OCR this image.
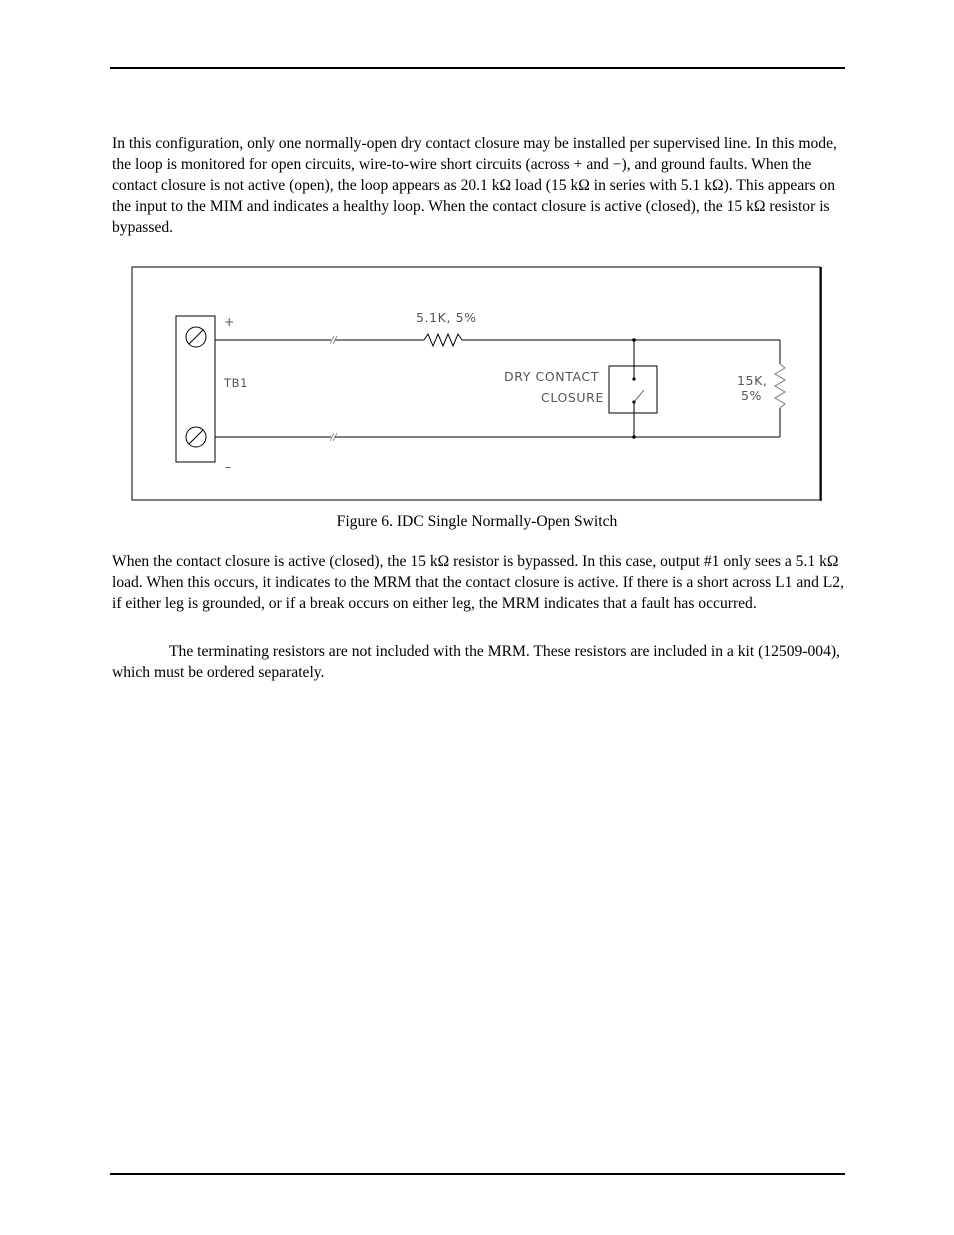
In this configuration, only one normally-open dry contact closure may be installed per supervised line. In this mode, the loop is monitored for open circuits, wire-to-wire short circuits (across + and −), and ground faults. When the contact closure is not active (open), the loop appears as 20.1 kΩ load (15 kΩ in series with 5.1 kΩ). This appears on the input to the MIM and indicates a healthy loop. When the contact closure is active (closed), the 15 kΩ resistor is bypassed.

+
–
TB1
5.1K, 5%
DRY CONTACT
CLOSURE
15K,
5%
Figure 6. IDC Single Normally-Open Switch

When the contact closure is active (closed), the 15 kΩ resistor is bypassed. In this case, output #1 only sees a 5.1 kΩ load. When this occurs, it indicates to the MRM that the contact closure is active. If there is a short across L1 and L2, if either leg is grounded, or if a break occurs on either leg, the MRM indicates that a fault has occurred.

The terminating resistors are not included with the MRM. These resistors are included in a kit (12509-004), which must be ordered separately.
